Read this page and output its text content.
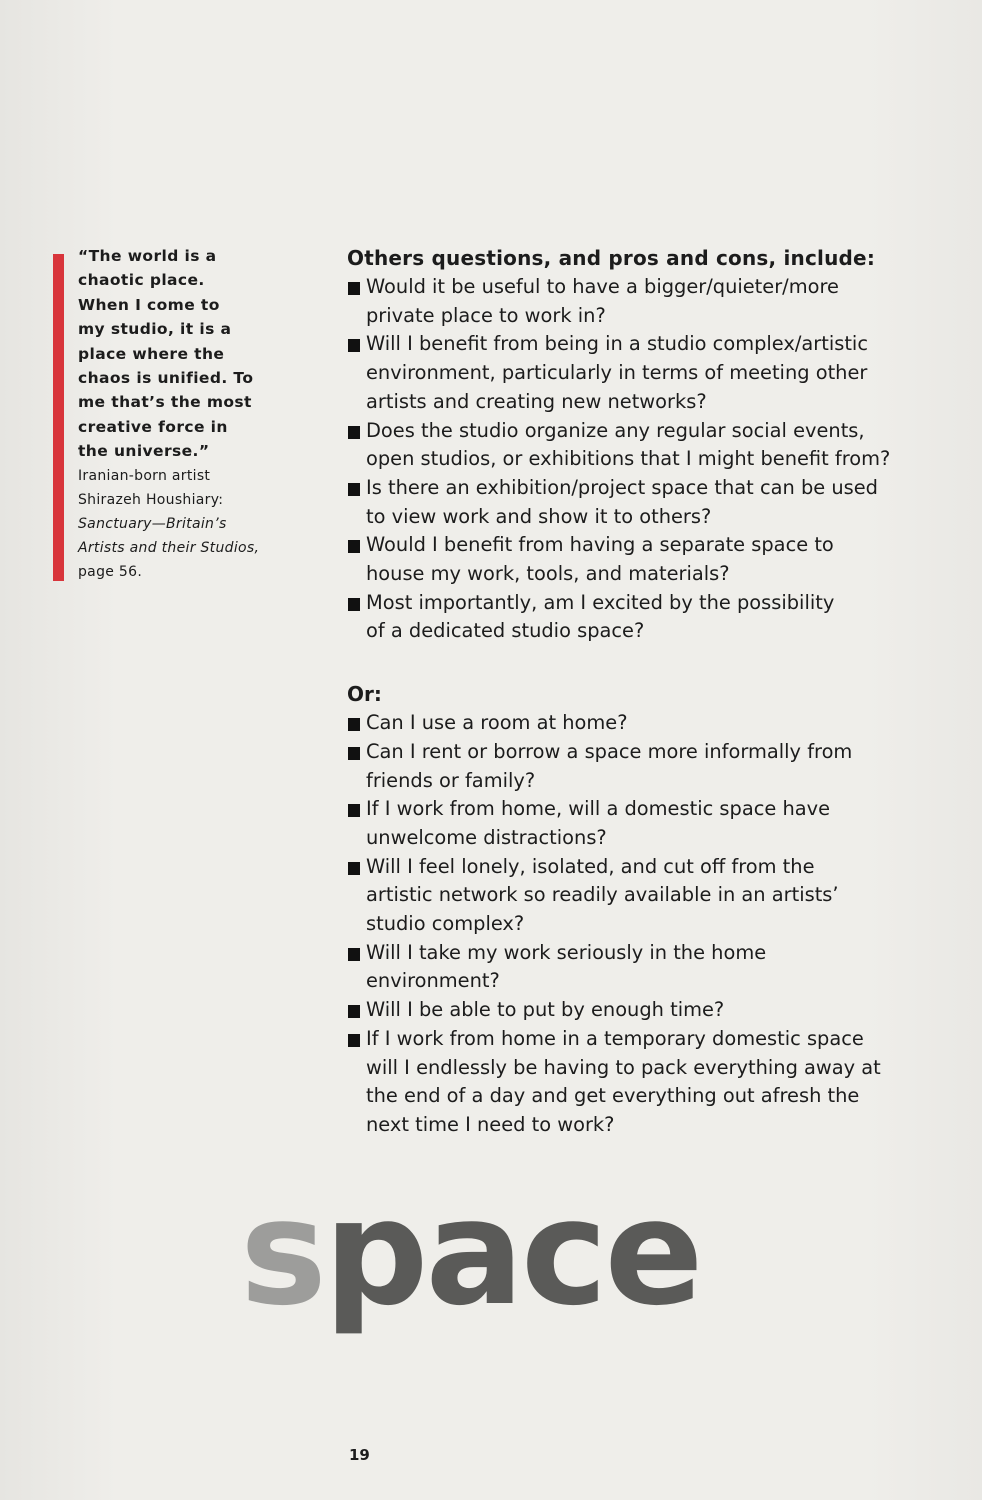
“The world is a
chaotic place.
When I come to
my studio, it is a
place where the
chaos is unified. To
me that’s the most
creative force in
the universe.”

Iranian-born artist
Shirazeh Houshiary:
Sanctuary—Britain’s
Artists and their Studios,
page 56.

Others questions, and pros and cons, include:

Would it be useful to have a bigger/quieter/more
private place to work in?
Will I benefit from being in a studio complex/artistic
environment, particularly in terms of meeting other
artists and creating new networks?
Does the studio organize any regular social events,
open studios, or exhibitions that I might benefit from?
Is there an exhibition/project space that can be used
to view work and show it to others?
Would I benefit from having a separate space to
house my work, tools, and materials?
Most importantly, am I excited by the possibility
of a dedicated studio space?

Or:

Can I use a room at home?
Can I rent or borrow a space more informally from
friends or family?
If I work from home, will a domestic space have
unwelcome distractions?
Will I feel lonely, isolated, and cut off from the
artistic network so readily available in an artists’
studio complex?
Will I take my work seriously in the home
environment?
Will I be able to put by enough time?
If I work from home in a temporary domestic space
will I endlessly be having to pack everything away at
the end of a day and get everything out afresh the
next time I need to work?
space
19
